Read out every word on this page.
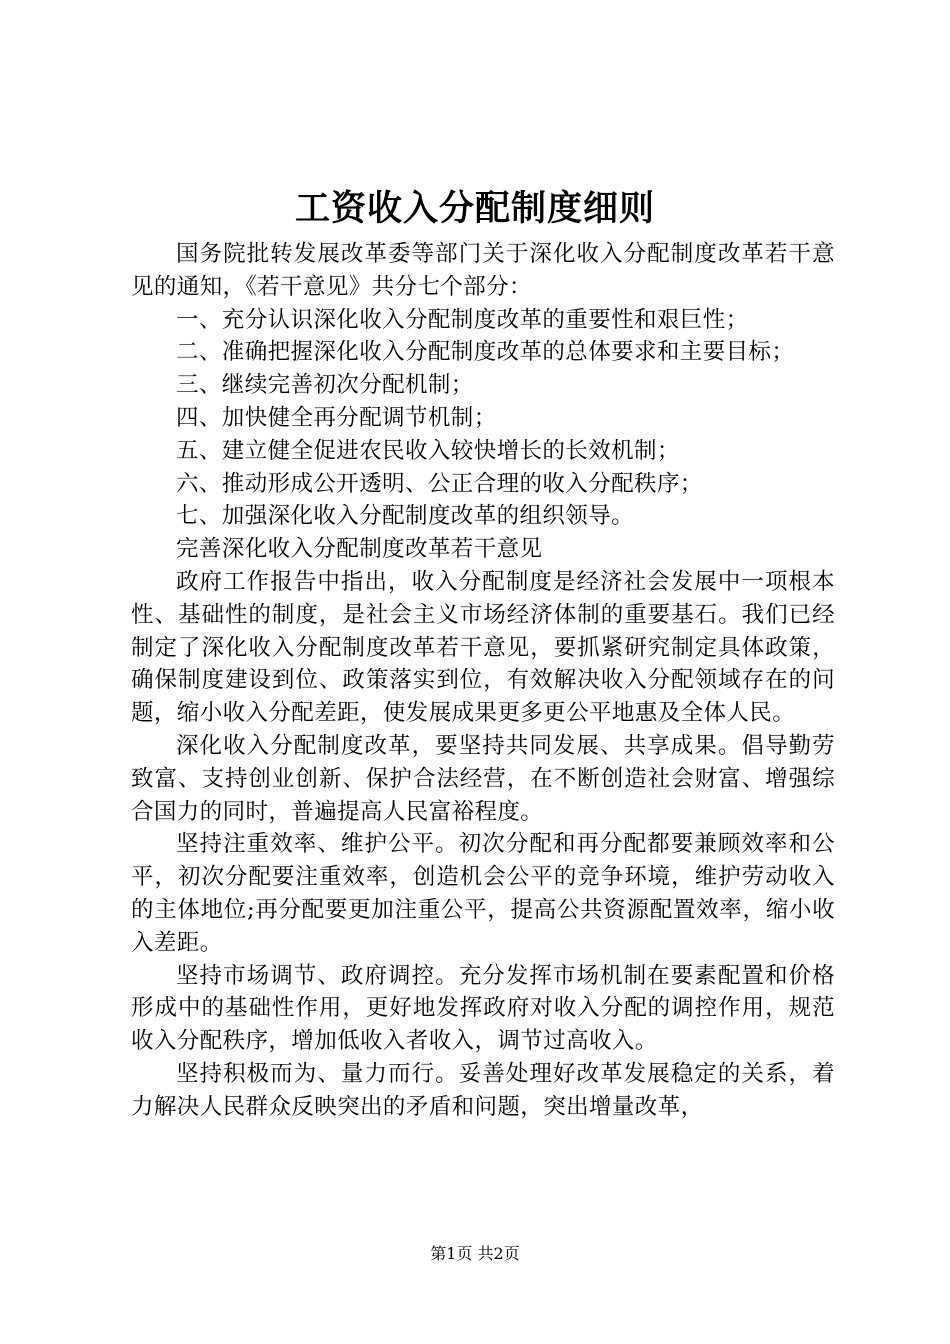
工资收入分配制度细则

国务院批转发展改革委等部门关于深化收入分配制度改革若干意见的通知，《若干意见》共分七个部分：

一、充分认识深化收入分配制度改革的重要性和艰巨性；

二、准确把握深化收入分配制度改革的总体要求和主要目标；

三、继续完善初次分配机制；

四、加快健全再分配调节机制；

五、建立健全促进农民收入较快增长的长效机制；

六、推动形成公开透明、公正合理的收入分配秩序；

七、加强深化收入分配制度改革的组织领导。

完善深化收入分配制度改革若干意见

政府工作报告中指出，收入分配制度是经济社会发展中一项根本性、基础性的制度，是社会主义市场经济体制的重要基石。我们已经制定了深化收入分配制度改革若干意见，要抓紧研究制定具体政策，确保制度建设到位、政策落实到位，有效解决收入分配领域存在的问题，缩小收入分配差距，使发展成果更多更公平地惠及全体人民。

深化收入分配制度改革，要坚持共同发展、共享成果。倡导勤劳致富、支持创业创新、保护合法经营，在不断创造社会财富、增强综合国力的同时，普遍提高人民富裕程度。

坚持注重效率、维护公平。初次分配和再分配都要兼顾效率和公平，初次分配要注重效率，创造机会公平的竞争环境，维护劳动收入的主体地位;再分配要更加注重公平，提高公共资源配置效率，缩小收入差距。

坚持市场调节、政府调控。充分发挥市场机制在要素配置和价格形成中的基础性作用，更好地发挥政府对收入分配的调控作用，规范收入分配秩序，增加低收入者收入，调节过高收入。

坚持积极而为、量力而行。妥善处理好改革发展稳定的关系，着力解决人民群众反映突出的矛盾和问题，突出增量改革，

第1页 共2页
